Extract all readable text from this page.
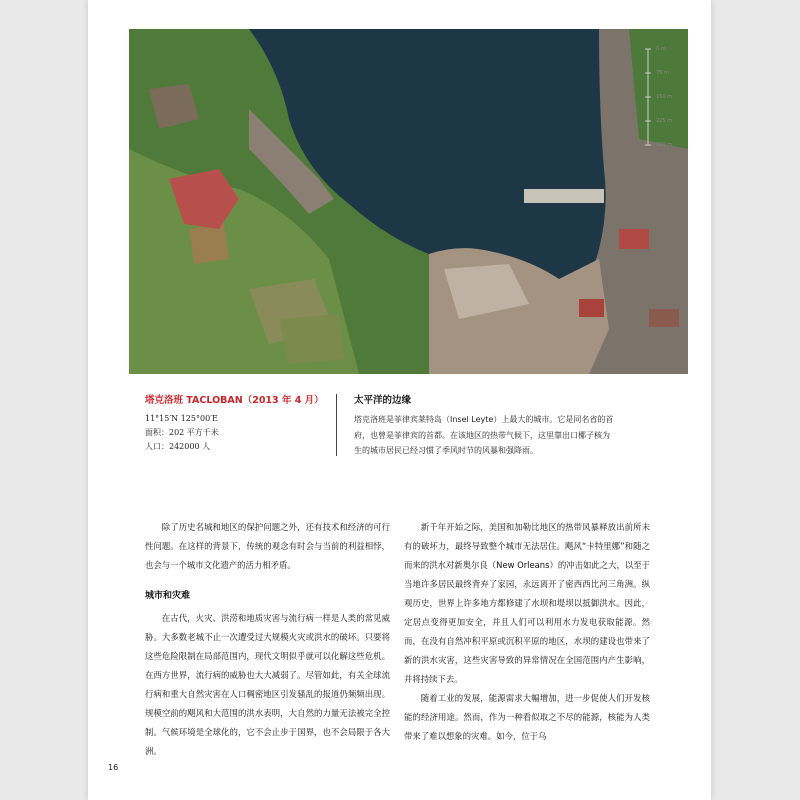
0 m
75 m
150 m
225 m
300 m
塔克洛班 TACLOBAN（2013 年 4 月）
11°15′N 125°00′E
面积：202 平方千米
人口：242000 人
太平洋的边缘
塔克洛班是菲律宾莱特岛（Insel Leyte）上最大的城市。它是同名省的首府，也曾是菲律宾的首都。在该地区的热带气候下，这里靠出口椰子核为生的城市居民已经习惯了季风时节的风暴和强降雨。

除了历史名城和地区的保护问题之外，还有技术和经济的可行性问题。在这样的背景下，传统的观念有时会与当前的利益相悖，也会与一个城市文化遗产的活力相矛盾。

城市和灾难

在古代，火灾、洪涝和地质灾害与流行病一样是人类的常见威胁。大多数老城不止一次遭受过大规模火灾或洪水的破坏。只要将这些危险限制在局部范围内，现代文明似乎就可以化解这些危机。在西方世界，流行病的威胁也大大减弱了。尽管如此，有关全球流行病和重大自然灾害在人口稠密地区引发骚乱的报道仍频频出现。规模空前的飓风和大范围的洪水表明，大自然的力量无法被完全控制。气候环境是全球化的，它不会止步于国界，也不会局限于各大洲。

新千年开始之际，美国和加勒比地区的热带风暴释放出前所未有的破坏力，最终导致整个城市无法居住。飓风“卡特里娜”和随之而来的洪水对新奥尔良（New Orleans）的冲击如此之大，以至于当地许多居民最终背弃了家园，永远离开了密西西比河三角洲。纵观历史，世界上许多地方都修建了水坝和堤坝以抵御洪水。因此，定居点变得更加安全，并且人们可以利用水力发电获取能源。然而，在没有自然冲积平原或沉积平原的地区，水坝的建设也带来了新的洪水灾害，这些灾害导致的异常情况在全国范围内产生影响，并将持续下去。

随着工业的发展，能源需求大幅增加，进一步促使人们开发核能的经济用途。然而，作为一种看似取之不尽的能源，核能为人类带来了难以想象的灾难。如今，位于乌

16
